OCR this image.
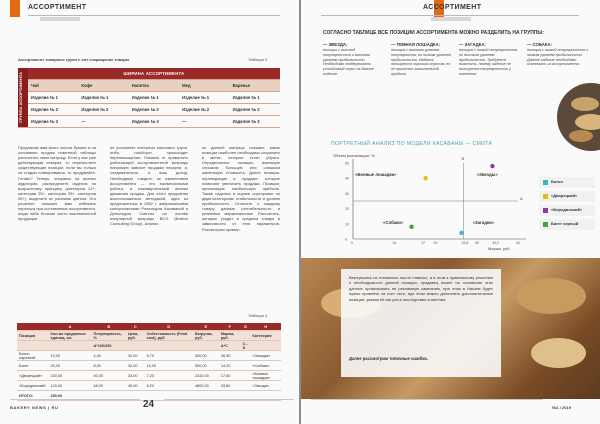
АССОРТИМЕНТ
Ассортимент товарных групп с опт сокращение товары	Таблица 3
ГРУППА АССОРТИМЕНТА	ШИРИНА АССОРТИМЕНТА				
	Чай	Кофе	Напитки	Мед	Варенье
	Изделие № 1	Изделие № 1	Изделие № 1	Изделие № 1	Изделие № 1
	Изделие № 2	Изделие № 2	Изделие № 2	Изделие № 2	Изделие № 2
	Изделие № 3	—	Изделие № 3	—	Изделие № 3
Предлагаю вам взять листок бумаги и на основании продаж поменной таблицы рассчитать свою матрицу. Если у вас уже действующая пекарня, то перечислите существующие позиции, если вы только на стадии планирования, то продумайте. Готово? Теперь, опираясь на анализ аудитории, распределите изделия по возрастному принципу (категории 12+, категория 25+, категория 35+, категория 55+), выделите их ранними цветом. Это решение поможет вам избежать перекоса при составлении ассортимента, когда либо больше чисто выставленной продукции
не учитывает интересы массовых групп, либо, наоборот, происходит перенасыщение. Помимо от правильно работающей ассортиментной матрицы напрямую зависит продажи пекарни, а, следовательно, и ваш доход. Необходимо следить за изменением ассортимента — это ежемесячными работа, а ежеквартальный анализ движения продаж. Для этого предлагаю воспользоваться методикой, одна из предложенных в 1982 г. американскими консультантами Рональдом Касаваной и Дональдом Смитом на основе популярной матрицы BCG (Boston Consulting Group). Анализ
по данной матрице покажет, какие позиции наиболее необходимо сохранить в меню, которые стоит убрать. Определяются позиции, имеющие слишком большую или слишком маленькую стоимость. Далее позиции, переводящие в продаже, которые помогают увеличить продажи. Позиции, приносящие наибольшую прибыль. Также изделия в оценке сортировки по двум категориям: стабильности и уровню прибыльности. Отнесите к каждому товару данные рентабельности и реальные маржинальные. Рассчитать, которые уходят в среднем товаре в зависимости от этих параметров. Рассмотрим пример.
Таблица 4
	A	B	C	D	E	F	G	H
Позиция	Кол-во проданных единиц, шт.	Популярность, %	Цена, руб.	Себестоимость (Food cost), руб.	Выручка, руб.	Маржа, руб.		Категория
		A*100/250				A*C	C - D	
Батон нарезной	10,00	4,00	32,00	5,70	320,00	26,30		«Загадка»
Багет	20,00	8,00	32,00	10,00	500,00	14,20		«Собака»
«Дворецкий»	100,00	40,00	33,00	7,20	2310,00	17,60		«Боевые лошадки»
«Бородинский»	120,00	48,00	40,00	6,20	4800,00	33,80		«Звезда»
ИТОГО:	250,00							
BAKERY NEWS | RU	24
АССОРТИМЕНТ
СОГЛАСНО ТАБЛИЦЕ ВСЕ ПОЗИЦИИ АССОРТИМЕНТА МОЖНО РАЗДЕЛИТЬ НА ГРУППЫ:
— ЗВЕЗДА:
позиции с высокой популярностью и высоким уровнем прибыльности. Необходимо поддерживать устойчивый спрос на данное изделие.
— ТЕМНАЯ ЛОШАДКА:
позиция с высоким уровнем популярности, но низким уровнем прибыльности. Изделия пользуются хорошим спросом, но не приносят значительной прибыли.
— ЗАГАДКА:
позиция с низкой популярностью, но высоким уровнем прибыльности. Требуется выяснить, почему изделие не пользуется популярностью у клиентов.
— СОБАКА:
позиция с низкой популярностью и низким уровнем прибыльности. Данное изделие необходимо исключить из ассортимента.
ПОРТРЕТНЫЙ АНАЛИЗ ПО МОДЕЛИ КАСАВАНЫ — СМИТА
Объем реализации, %
Маржа, руб.
B
A
0	10	17 20	26,8 30	34,2	40
0
10
20
30
40
50
«Боевые лошадки»	«Звезды»
«Собаки»	«Загадки»
Батон
«Дворецкий»
«Бородинский»
Багет черный
Вернувшись не появились после главных, а в этом к правильному решению о необходимости данной позиции, продавец может на основании этих данных организовать не рекламную кампанию, при этом в Нашем будет нужно привлечь за счет сети, при этом можно дополнить дополнительные позиции, указав её как раз в последствии клиентам.
Далее рассмотрим типичные ошибки.
№1 / 2019
